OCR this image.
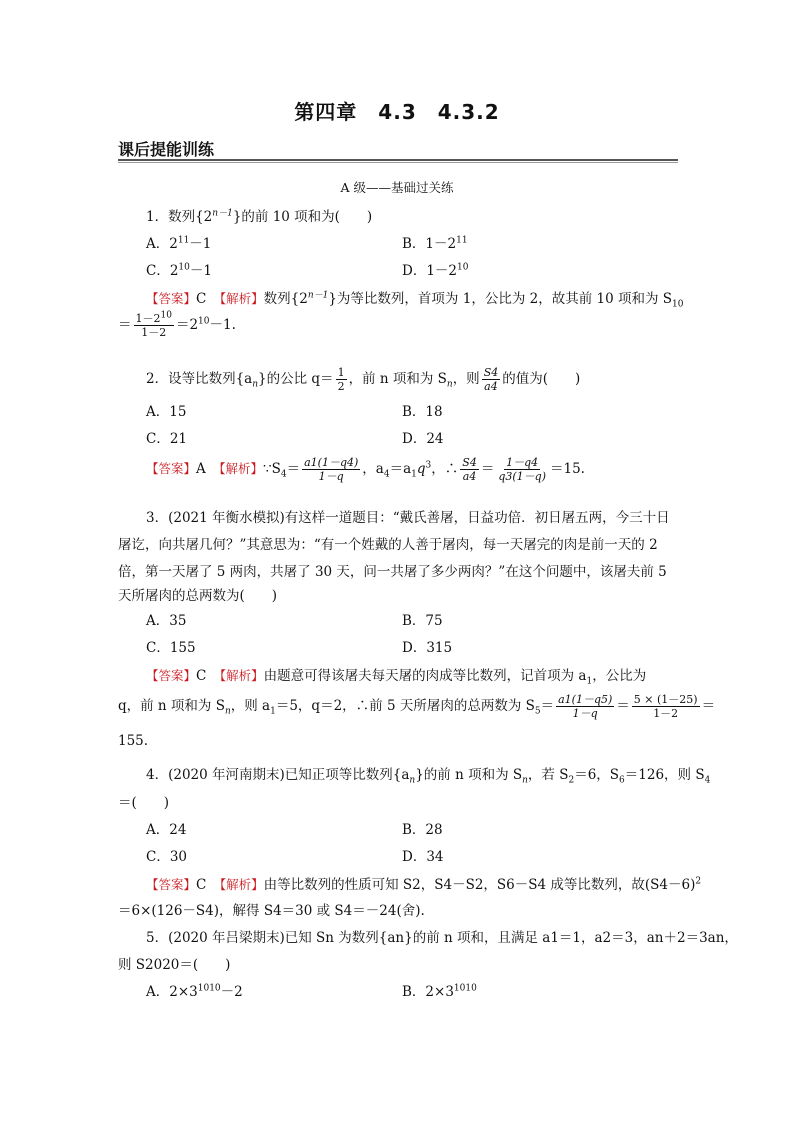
第四章　4.3　4.3.2
课后提能训练
A 级——基础过关练
1．数列$\{2^{n-1}\}$的前 10 项和为(　　)
A．$2^{11}-1$	B．$1-2^{11}$
C．$2^{10}-1$	D．$1-2^{10}$
【答案】C　 【解析】数列$\{2^{n-1}\}$为等比数列，首项为 1，公比为 2，故其前 10 项和为 $S_{10}$
＝ $\frac{1-2^{10}}{1-2} =2^{10}-1$.
2．设等比数列$\{a_n\}$的公比 $q= \frac{1}{2}$ ，前 n 项和为 $S_n$，则 $\frac{S4}{a4}$ 的值为(　　)
A．15	B．18
C．21	D．24
【答案】A　 【解析】$\because S_4= \frac{a1(1-q4)}{1-q}$ ，$a_4=a_1q^3$，∴ $\frac{S4}{a4} = \frac{1-q4}{q3(1-q)} =15$.
3．(2021 年衡水模拟)有这样一道题目：“戴氏善屠，日益功倍．初日屠五两，今三十日
屠讫，向共屠几何？”其意思为：“有一个姓戴的人善于屠肉，每一天屠完的肉是前一天的 2
倍，第一天屠了 5 两肉，共屠了 30 天，问一共屠了多少两肉？”在这个问题中，该屠夫前 5
天所屠肉的总两数为(　　)
A．35	B．75
C．155	D．315
【答案】C　 【解析】由题意可得该屠夫每天屠的肉成等比数列，记首项为 $a_1$，公比为
q，前 n 项和为 $S_n$，则 $a_1=5$，q＝2，∴前 5 天所屠肉的总两数为 $S_5= \frac{a1(1-q5)}{1-q} = \frac{5 \times (1-25)}{1-2}$ ＝
155.
4．(2020 年河南期末)已知正项等比数列$\{a_n\}$的前 n 项和为 $S_n$，若 $S_2=6$，$S_6=126$，则 $S_4$
＝(　　)
A．24	B．28
C．30	D．34
【答案】C　 【解析】由等比数列的性质可知 S2，S4－S2，S6－S4 成等比数列，故$(S4-6)^2$
＝6×(126－S4)，解得 S4＝30 或 S4＝－24(舍).
5．(2020 年吕梁期末)已知 Sn 为数列{an}的前 n 项和，且满足 a1＝1，a2＝3，an＋2＝3an，
则 S2020＝(　　)
A．$2\times 3^{1010}-2$	B．$2\times 3^{1010}$
